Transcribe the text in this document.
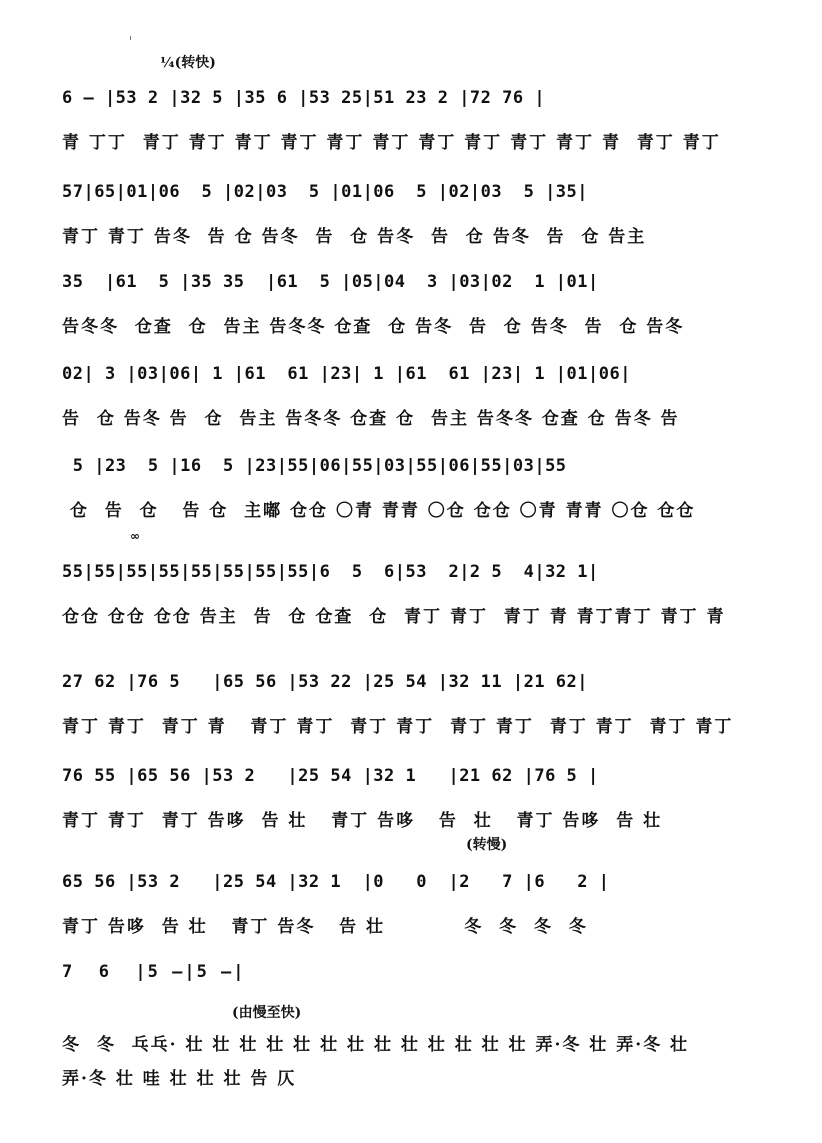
¼(转快)
6 — |53 2 |32 5 |35 6 |53 25|51 23 2 |72 76 |
青 丁丁  青丁 青丁 青丁 青丁 青丁 青丁 青丁 青丁 青丁 青丁 青  青丁 青丁
57|65|01|06  5 |02|03  5 |01|06  5 |02|03  5 |35|
青丁 青丁 告冬  告 仓 告冬  告  仓 告冬  告  仓 告冬  告  仓 告主
35  |61  5 |35 35  |61  5 |05|04  3 |03|02  1 |01|
告冬冬  仓查  仓  告主 告冬冬 仓查  仓 告冬  告  仓 告冬  告  仓 告冬
02| 3 |03|06| 1 |61  61 |23| 1 |61  61 |23| 1 |01|06|
告  仓 告冬 告  仓  告主 告冬冬 仓查 仓  告主 告冬冬 仓查 仓 告冬 告
5 |23  5 |16  5 |23|55|06|55|03|55|06|55|03|55
仓  告  仓   告 仓  主嘟 仓仓 〇青 青青 〇仓 仓仓 〇青 青青 〇仓 仓仓
∞
55|55|55|55|55|55|55|55|6  5  6|53  2|2 5  4|32 1|
仓仓 仓仓 仓仓 告主  告  仓 仓查  仓  青丁 青丁  青丁 青 青丁青丁 青丁 青
27 62 |76 5   |65 56 |53 22 |25 54 |32 11 |21 62|
青丁 青丁  青丁 青   青丁 青丁  青丁 青丁  青丁 青丁  青丁 青丁  青丁 青丁
76 55 |65 56 |53 2   |25 54 |32 1   |21 62 |76 5 |
青丁 青丁  青丁 告哆  告 壮   青丁 告哆   告  壮   青丁 告哆  告 壮
(转慢)
65 56 |53 2   |25 54 |32 1  |0   0  |2   7 |6   2 |
青丁 告哆  告 壮   青丁 告冬   告 壮          冬  冬  冬  冬
7  6  |5 —|5 —|
(由慢至快)
冬  冬  乓乓· 壮 壮 壮 壮 壮 壮 壮 壮 壮 壮 壮 壮 壮 弄·冬 壮 弄·冬 壮
弄·冬 壮 哇 壮 壮 壮 告 仄
